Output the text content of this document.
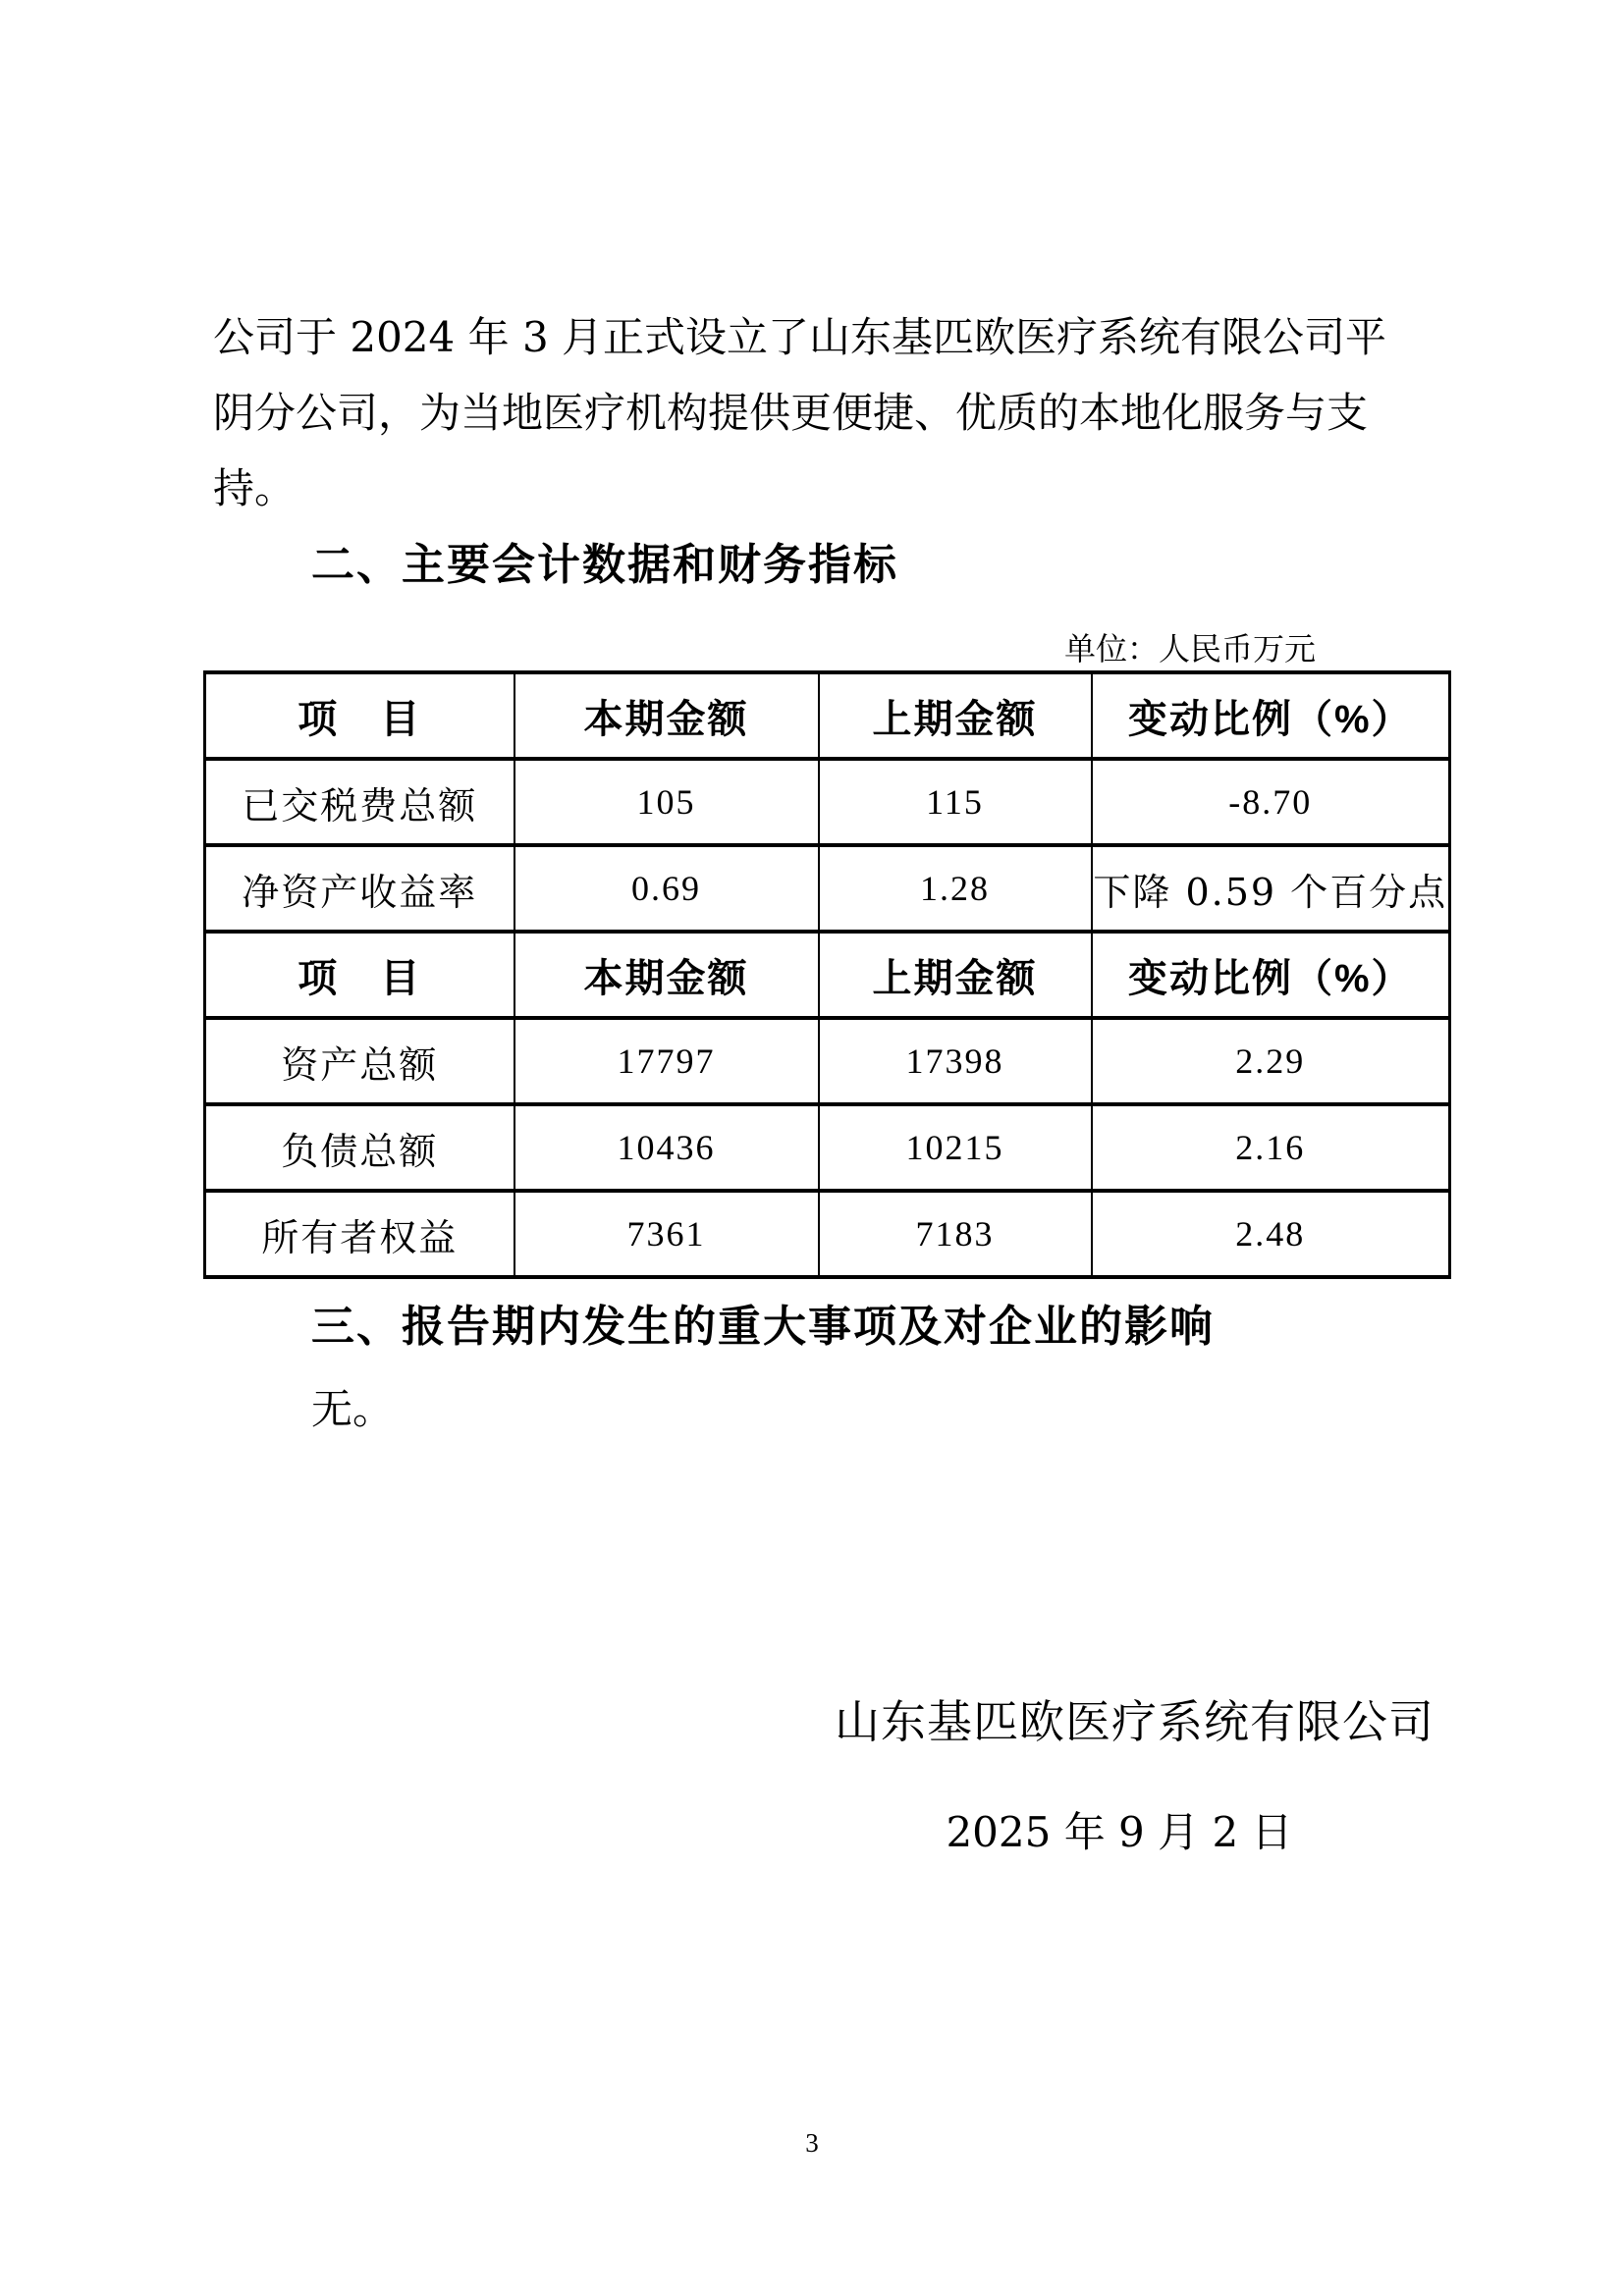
公司于 2024 年 3 月正式设立了山东基匹欧医疗系统有限公司平
阴分公司，为当地医疗机构提供更便捷、优质的本地化服务与支
持。
二、主要会计数据和财务指标
单位：人民币万元
项　目	本期金额	上期金额	变动比例（%）
已交税费总额	105	115	-8.70
净资产收益率	0.69	1.28	下降 0.59 个百分点
项　目	本期金额	上期金额	变动比例（%）
资产总额	17797	17398	2.29
负债总额	10436	10215	2.16
所有者权益	7361	7183	2.48
三、报告期内发生的重大事项及对企业的影响
无。
山东基匹欧医疗系统有限公司
2025 年 9 月 2 日
3
